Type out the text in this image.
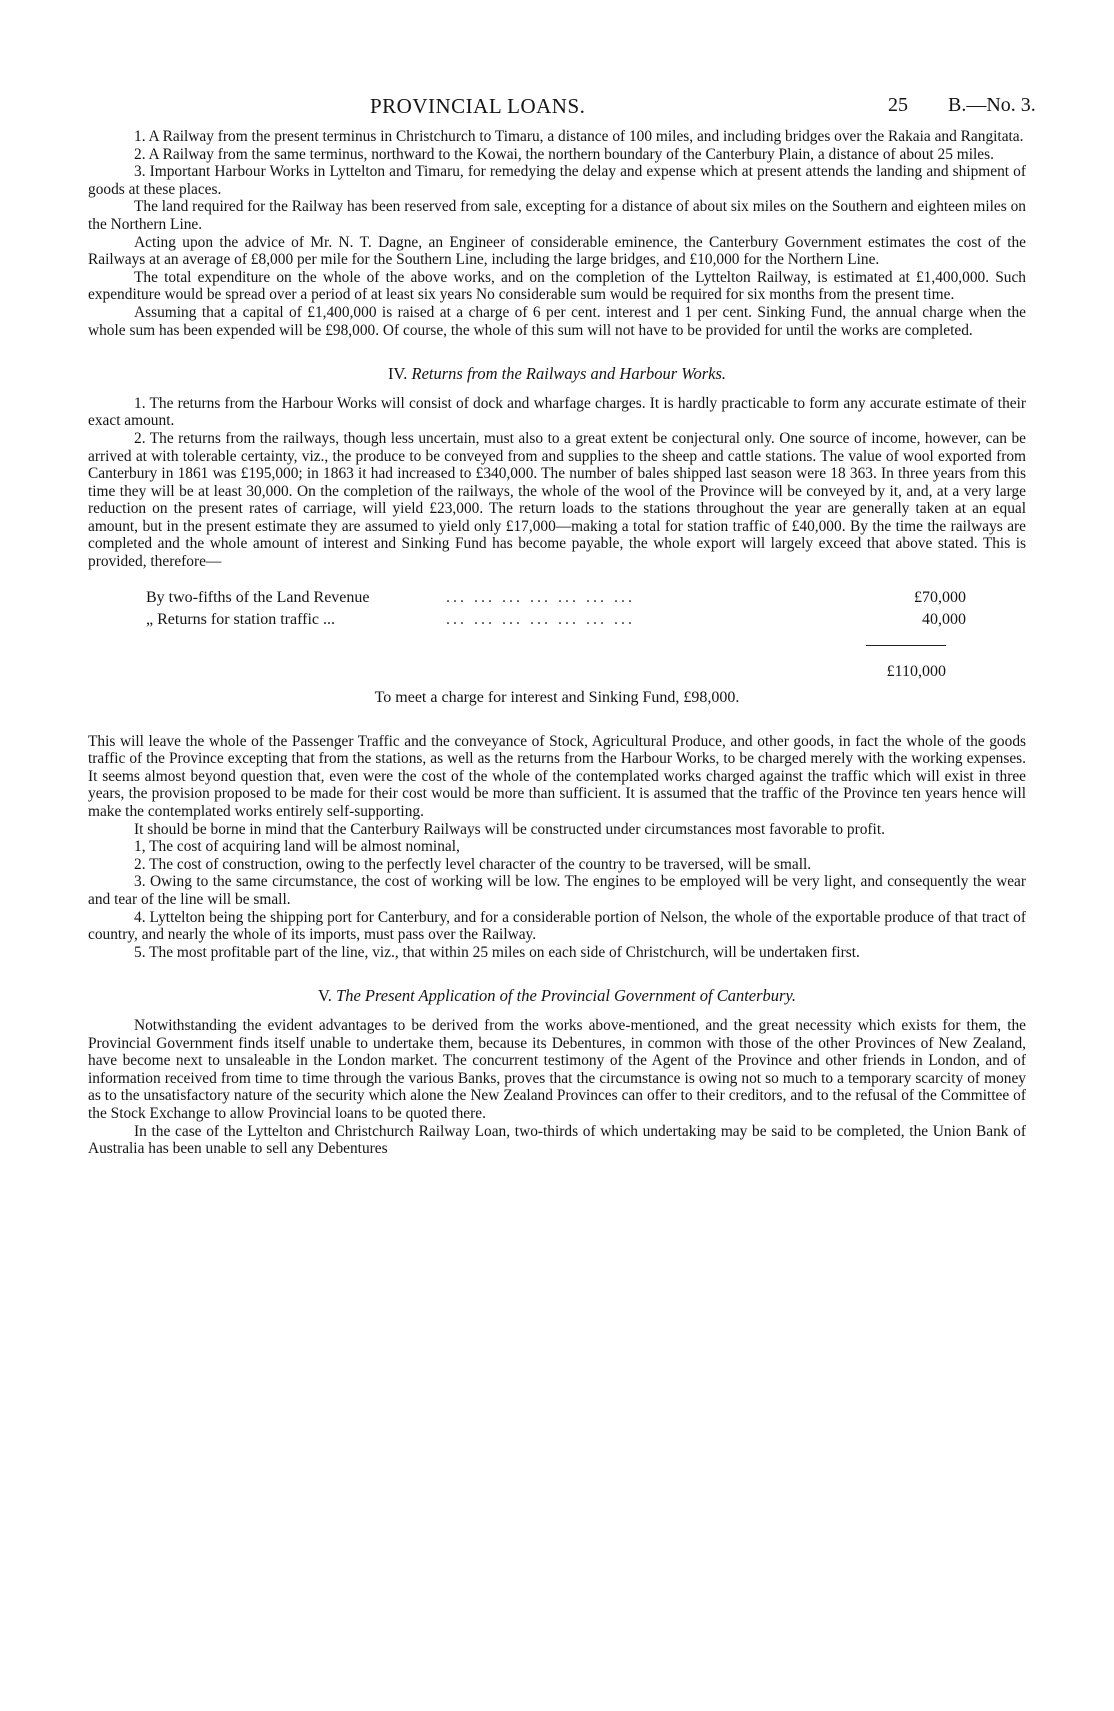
PROVINCIAL LOANS.	25 B.—No. 3.

1. A Railway from the present terminus in Christchurch to Timaru, a distance of 100 miles, and including bridges over the Rakaia and Rangitata.

2. A Railway from the same terminus, northward to the Kowai, the northern boundary of the Canterbury Plain, a distance of about 25 miles.

3. Important Harbour Works in Lyttelton and Timaru, for remedying the delay and expense which at present attends the landing and shipment of goods at these places.

The land required for the Railway has been reserved from sale, excepting for a distance of about six miles on the Southern and eighteen miles on the Northern Line.

Acting upon the advice of Mr. N. T. Dagne, an Engineer of considerable eminence, the Canterbury Government estimates the cost of the Railways at an average of £8,000 per mile for the Southern Line, including the large bridges, and £10,000 for the Northern Line.

The total expenditure on the whole of the above works, and on the completion of the Lyttelton Railway, is estimated at £1,400,000. Such expenditure would be spread over a period of at least six years No considerable sum would be required for six months from the present time.

Assuming that a capital of £1,400,000 is raised at a charge of 6 per cent. interest and 1 per cent. Sinking Fund, the annual charge when the whole sum has been expended will be £98,000. Of course, the whole of this sum will not have to be provided for until the works are completed.

IV. Returns from the Railways and Harbour Works.

1. The returns from the Harbour Works will consist of dock and wharfage charges. It is hardly practicable to form any accurate estimate of their exact amount.

2. The returns from the railways, though less uncertain, must also to a great extent be conjectural only. One source of income, however, can be arrived at with tolerable certainty, viz., the produce to be conveyed from and supplies to the sheep and cattle stations. The value of wool exported from Canterbury in 1861 was £195,000; in 1863 it had increased to £340,000. The number of bales shipped last season were 18 363. In three years from this time they will be at least 30,000. On the completion of the railways, the whole of the wool of the Province will be conveyed by it, and, at a very large reduction on the present rates of carriage, will yield £23,000. The return loads to the stations throughout the year are generally taken at an equal amount, but in the present estimate they are assumed to yield only £17,000—making a total for station traffic of £40,000. By the time the railways are completed and the whole amount of interest and Sinking Fund has become payable, the whole export will largely exceed that above stated. This is provided, therefore—

By two-fifths of the Land Revenue	... ... ... ... ... ... ...	£70,000
„ Returns for station traffic ...	... ... ... ... ... ... ...	40,000
£110,000
To meet a charge for interest and Sinking Fund, £98,000.

This will leave the whole of the Passenger Traffic and the conveyance of Stock, Agricultural Produce, and other goods, in fact the whole of the goods traffic of the Province excepting that from the stations, as well as the returns from the Harbour Works, to be charged merely with the working expenses. It seems almost beyond question that, even were the cost of the whole of the contemplated works charged against the traffic which will exist in three years, the provision proposed to be made for their cost would be more than sufficient. It is assumed that the traffic of the Province ten years hence will make the contemplated works entirely self-supporting.

It should be borne in mind that the Canterbury Railways will be constructed under circumstances most favorable to profit.

1, The cost of acquiring land will be almost nominal,

2. The cost of construction, owing to the perfectly level character of the country to be traversed, will be small.

3. Owing to the same circumstance, the cost of working will be low. The engines to be employed will be very light, and consequently the wear and tear of the line will be small.

4. Lyttelton being the shipping port for Canterbury, and for a considerable portion of Nelson, the whole of the exportable produce of that tract of country, and nearly the whole of its imports, must pass over the Railway.

5. The most profitable part of the line, viz., that within 25 miles on each side of Christchurch, will be undertaken first.

V. The Present Application of the Provincial Government of Canterbury.

Notwithstanding the evident advantages to be derived from the works above-mentioned, and the great necessity which exists for them, the Provincial Government finds itself unable to undertake them, because its Debentures, in common with those of the other Provinces of New Zealand, have become next to unsaleable in the London market. The concurrent testimony of the Agent of the Province and other friends in London, and of information received from time to time through the various Banks, proves that the circumstance is owing not so much to a temporary scarcity of money as to the unsatisfactory nature of the security which alone the New Zealand Provinces can offer to their creditors, and to the refusal of the Committee of the Stock Exchange to allow Provincial loans to be quoted there.

In the case of the Lyttelton and Christchurch Railway Loan, two-thirds of which undertaking may be said to be completed, the Union Bank of Australia has been unable to sell any Debentures
